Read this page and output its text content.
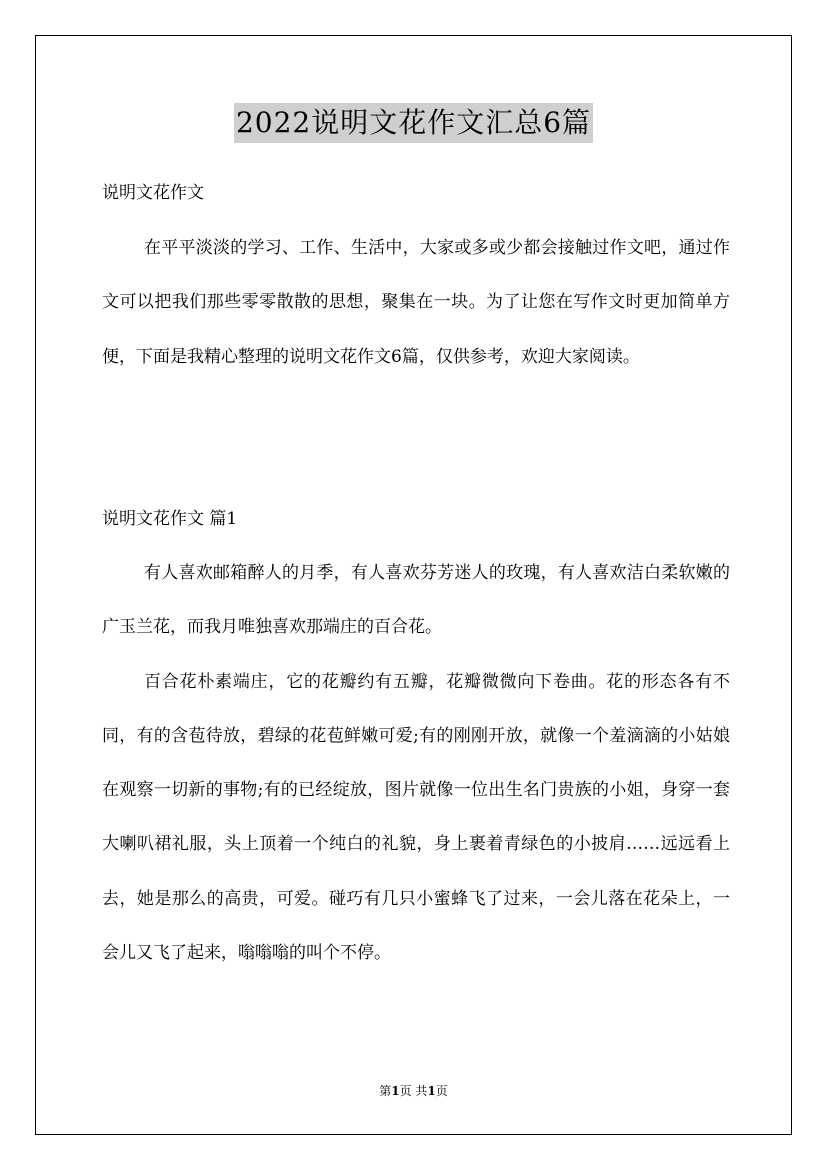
2022说明文花作文汇总6篇
说明文花作文

在平平淡淡的学习、工作、生活中，大家或多或少都会接触过作文吧，通过作文可以把我们那些零零散散的思想，聚集在一块。为了让您在写作文时更加简单方便，下面是我精心整理的说明文花作文6篇，仅供参考，欢迎大家阅读。

说明文花作文 篇1

有人喜欢邮箱醉人的月季，有人喜欢芬芳迷人的玫瑰，有人喜欢洁白柔软嫩的广玉兰花，而我月唯独喜欢那端庄的百合花。

百合花朴素端庄，它的花瓣约有五瓣，花瓣微微向下卷曲。花的形态各有不同，有的含苞待放，碧绿的花苞鲜嫩可爱;有的刚刚开放，就像一个羞滴滴的小姑娘在观察一切新的事物;有的已经绽放，图片就像一位出生名门贵族的小姐，身穿一套大喇叭裙礼服，头上顶着一个纯白的礼貌，身上裹着青绿色的小披肩……远远看上去，她是那么的高贵，可爱。碰巧有几只小蜜蜂飞了过来，一会儿落在花朵上，一会儿又飞了起来，嗡嗡嗡的叫个不停。

第1页 共1页
